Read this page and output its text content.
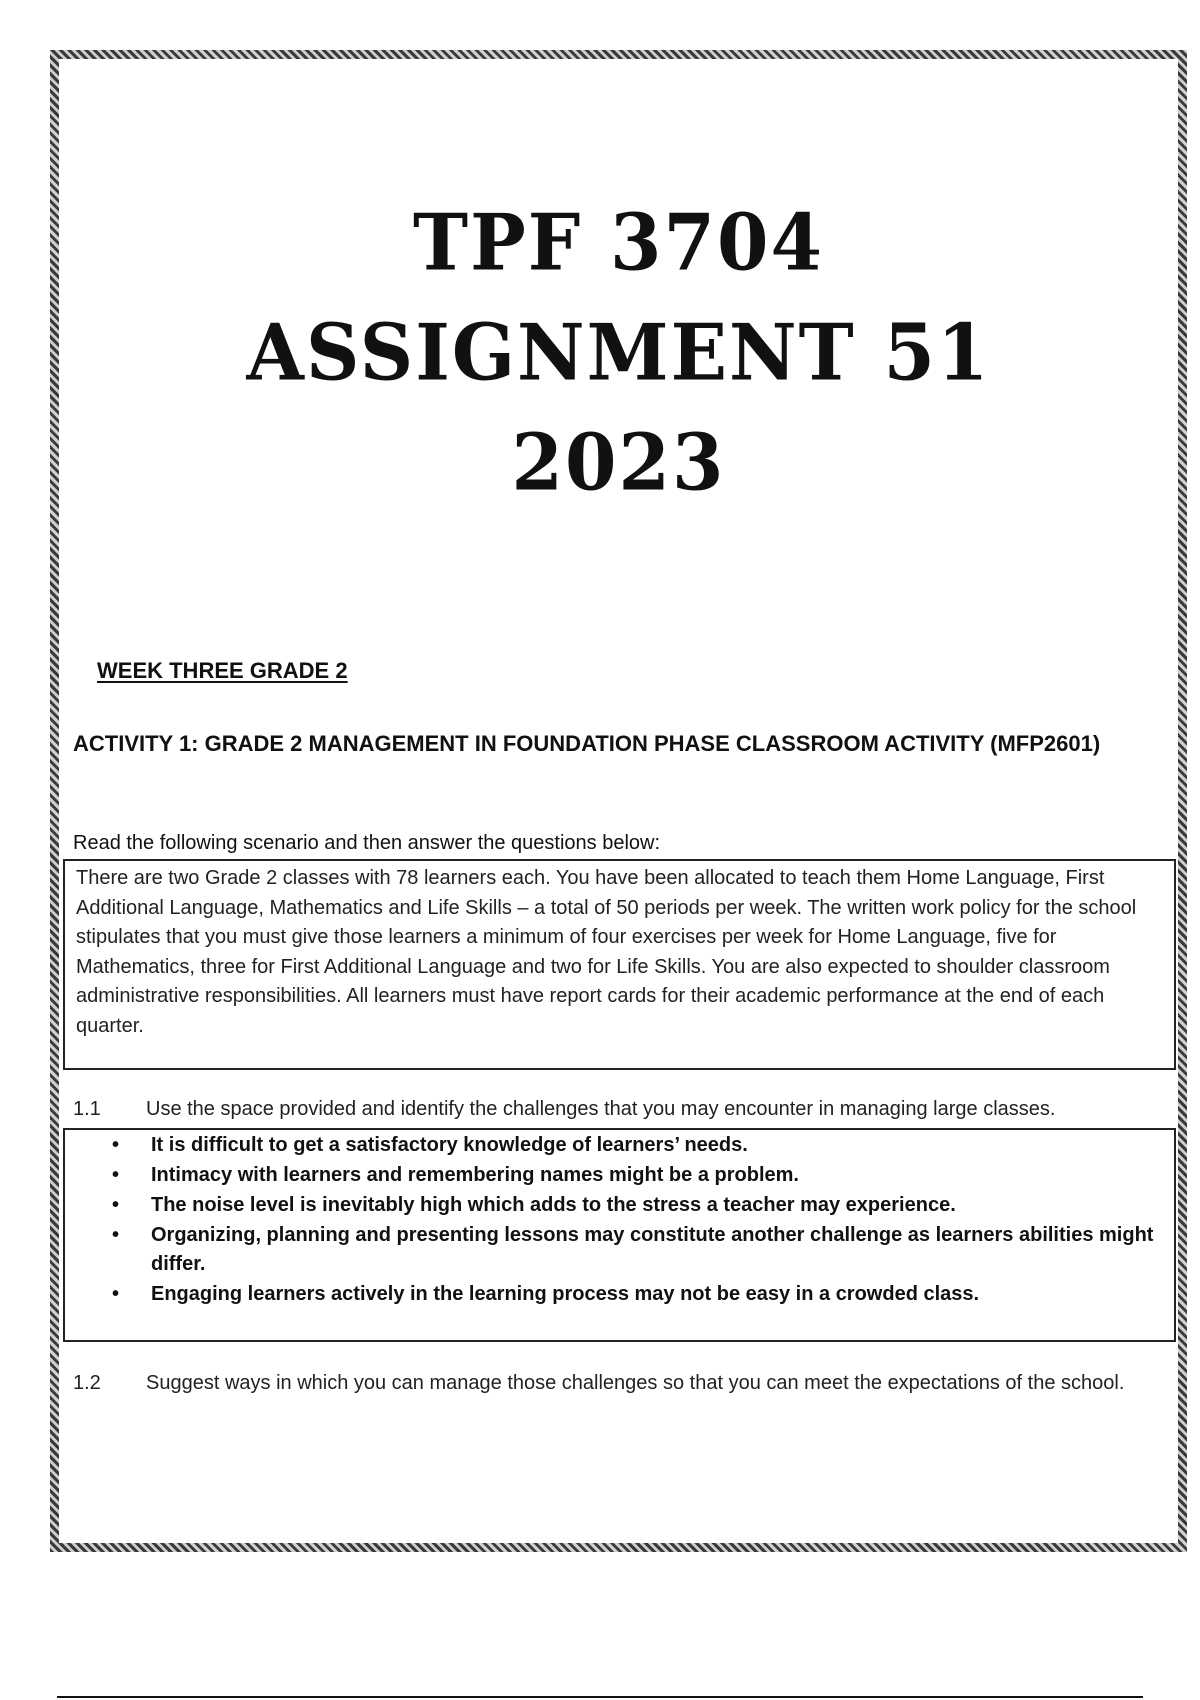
TPF 3704
ASSIGNMENT 51
2023
WEEK THREE GRADE 2
ACTIVITY 1: GRADE 2 MANAGEMENT IN FOUNDATION PHASE CLASSROOM ACTIVITY (MFP2601)

Read the following scenario and then answer the questions below:

There are two Grade 2 classes with 78 learners each. You have been allocated to teach them Home Language, First Additional Language, Mathematics and Life Skills – a total of 50 periods per week. The written work policy for the school stipulates that you must give those learners a minimum of four exercises per week for Home Language, five for Mathematics, three for First Additional Language and two for Life Skills. You are also expected to shoulder classroom administrative responsibilities. All learners must have report cards for their academic performance at the end of each quarter.
1.1	Use the space provided and identify the challenges that you may encounter in managing large classes.
• It is difficult to get a satisfactory knowledge of learners’ needs.
• Intimacy with learners and remembering names might be a problem.
• The noise level is inevitably high which adds to the stress a teacher may experience.
• Organizing, planning and presenting lessons may constitute another challenge as learners abilities might differ.
• Engaging learners actively in the learning process may not be easy in a crowded class.
1.2	Suggest ways in which you can manage those challenges so that you can meet the expectations of the school.
